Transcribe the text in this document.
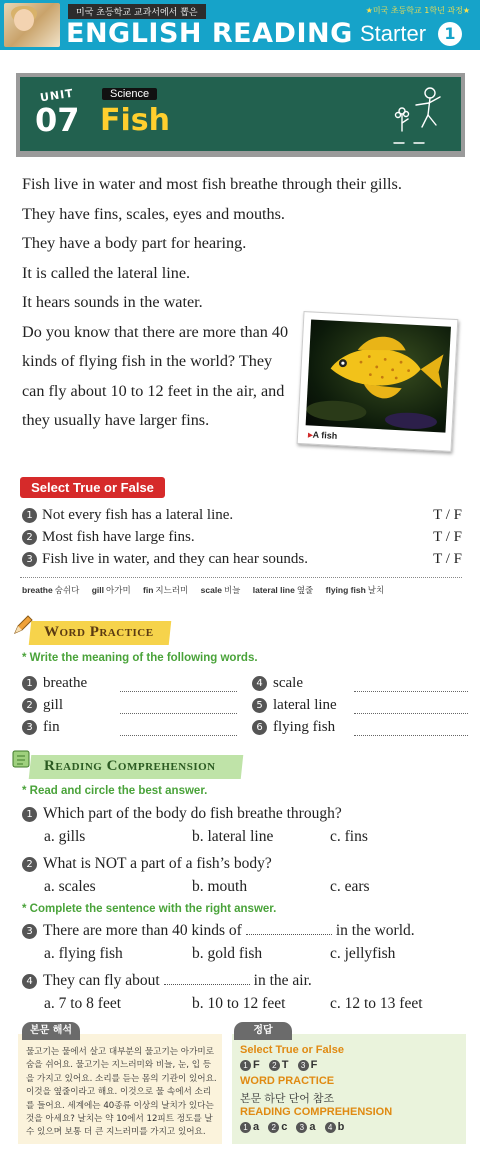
미국 초등학교 교과서에서 뽑은	★미국 초등학교 1학년 과정★
ENGLISH READING Starter	1
UNIT
07
Science
Fish

Fish live in water and most fish breathe through their gills.

They have fins, scales, eyes and mouths.

They have a body part for hearing.

It is called the lateral line.

It hears sounds in the water.

Do you know that there are more than 40 kinds of flying fish in the world? They can fly about 10 to 12 feet in the air, and they usually have larger fins.

▸A fish
Select True or False
1 Not every fish has a lateral line.	T / F
2 Most fish have large fins.	T / F
3 Fish live in water, and they can hear sounds.	T / F
breathe 숨쉬다 gill 아가미 fin 지느러미 scale 비늘 lateral line 옆줄 flying fish 날치
Word Practice
* Write the meaning of the following words.
1 breathe
2 gill
3 fin
4 scale
5 lateral line
6 flying fish
Reading Comprehension
* Read and circle the best answer.
1 Which part of the body do fish breathe through?
a. gills	b. lateral line	c. fins
2 What is NOT a part of a fish’s body?
a. scales	b. mouth	c. ears
* Complete the sentence with the right answer.
3 There are more than 40 kinds of	in the world.
a. flying fish	b. gold fish	c. jellyfish
4 They can fly about	in the air.
a. 7 to 8 feet	b. 10 to 12 feet	c. 12 to 13 feet
본문 해석
물고기는 물에서 살고 대부분의 물고기는 아가미로 숨을 쉬어요. 물고기는 지느러미와 비늘, 눈, 입 등을 가지고 있어요. 소리를 듣는 몸의 기관이 있어요. 이것을 옆줄이라고 해요. 이것으로 물 속에서 소리를 들어요. 세계에는 40종류 이상의 날치가 있다는 것을 아세요? 날치는 약 10에서 12피트 정도를 날 수 있으며 보통 더 큰 지느러미를 가지고 있어요.
정답
Select True or False
1 F 2 T 3 F
WORD PRACTICE
본문 하단 단어 참조
READING COMPREHENSION
1 a 2 c 3 a 4 b
